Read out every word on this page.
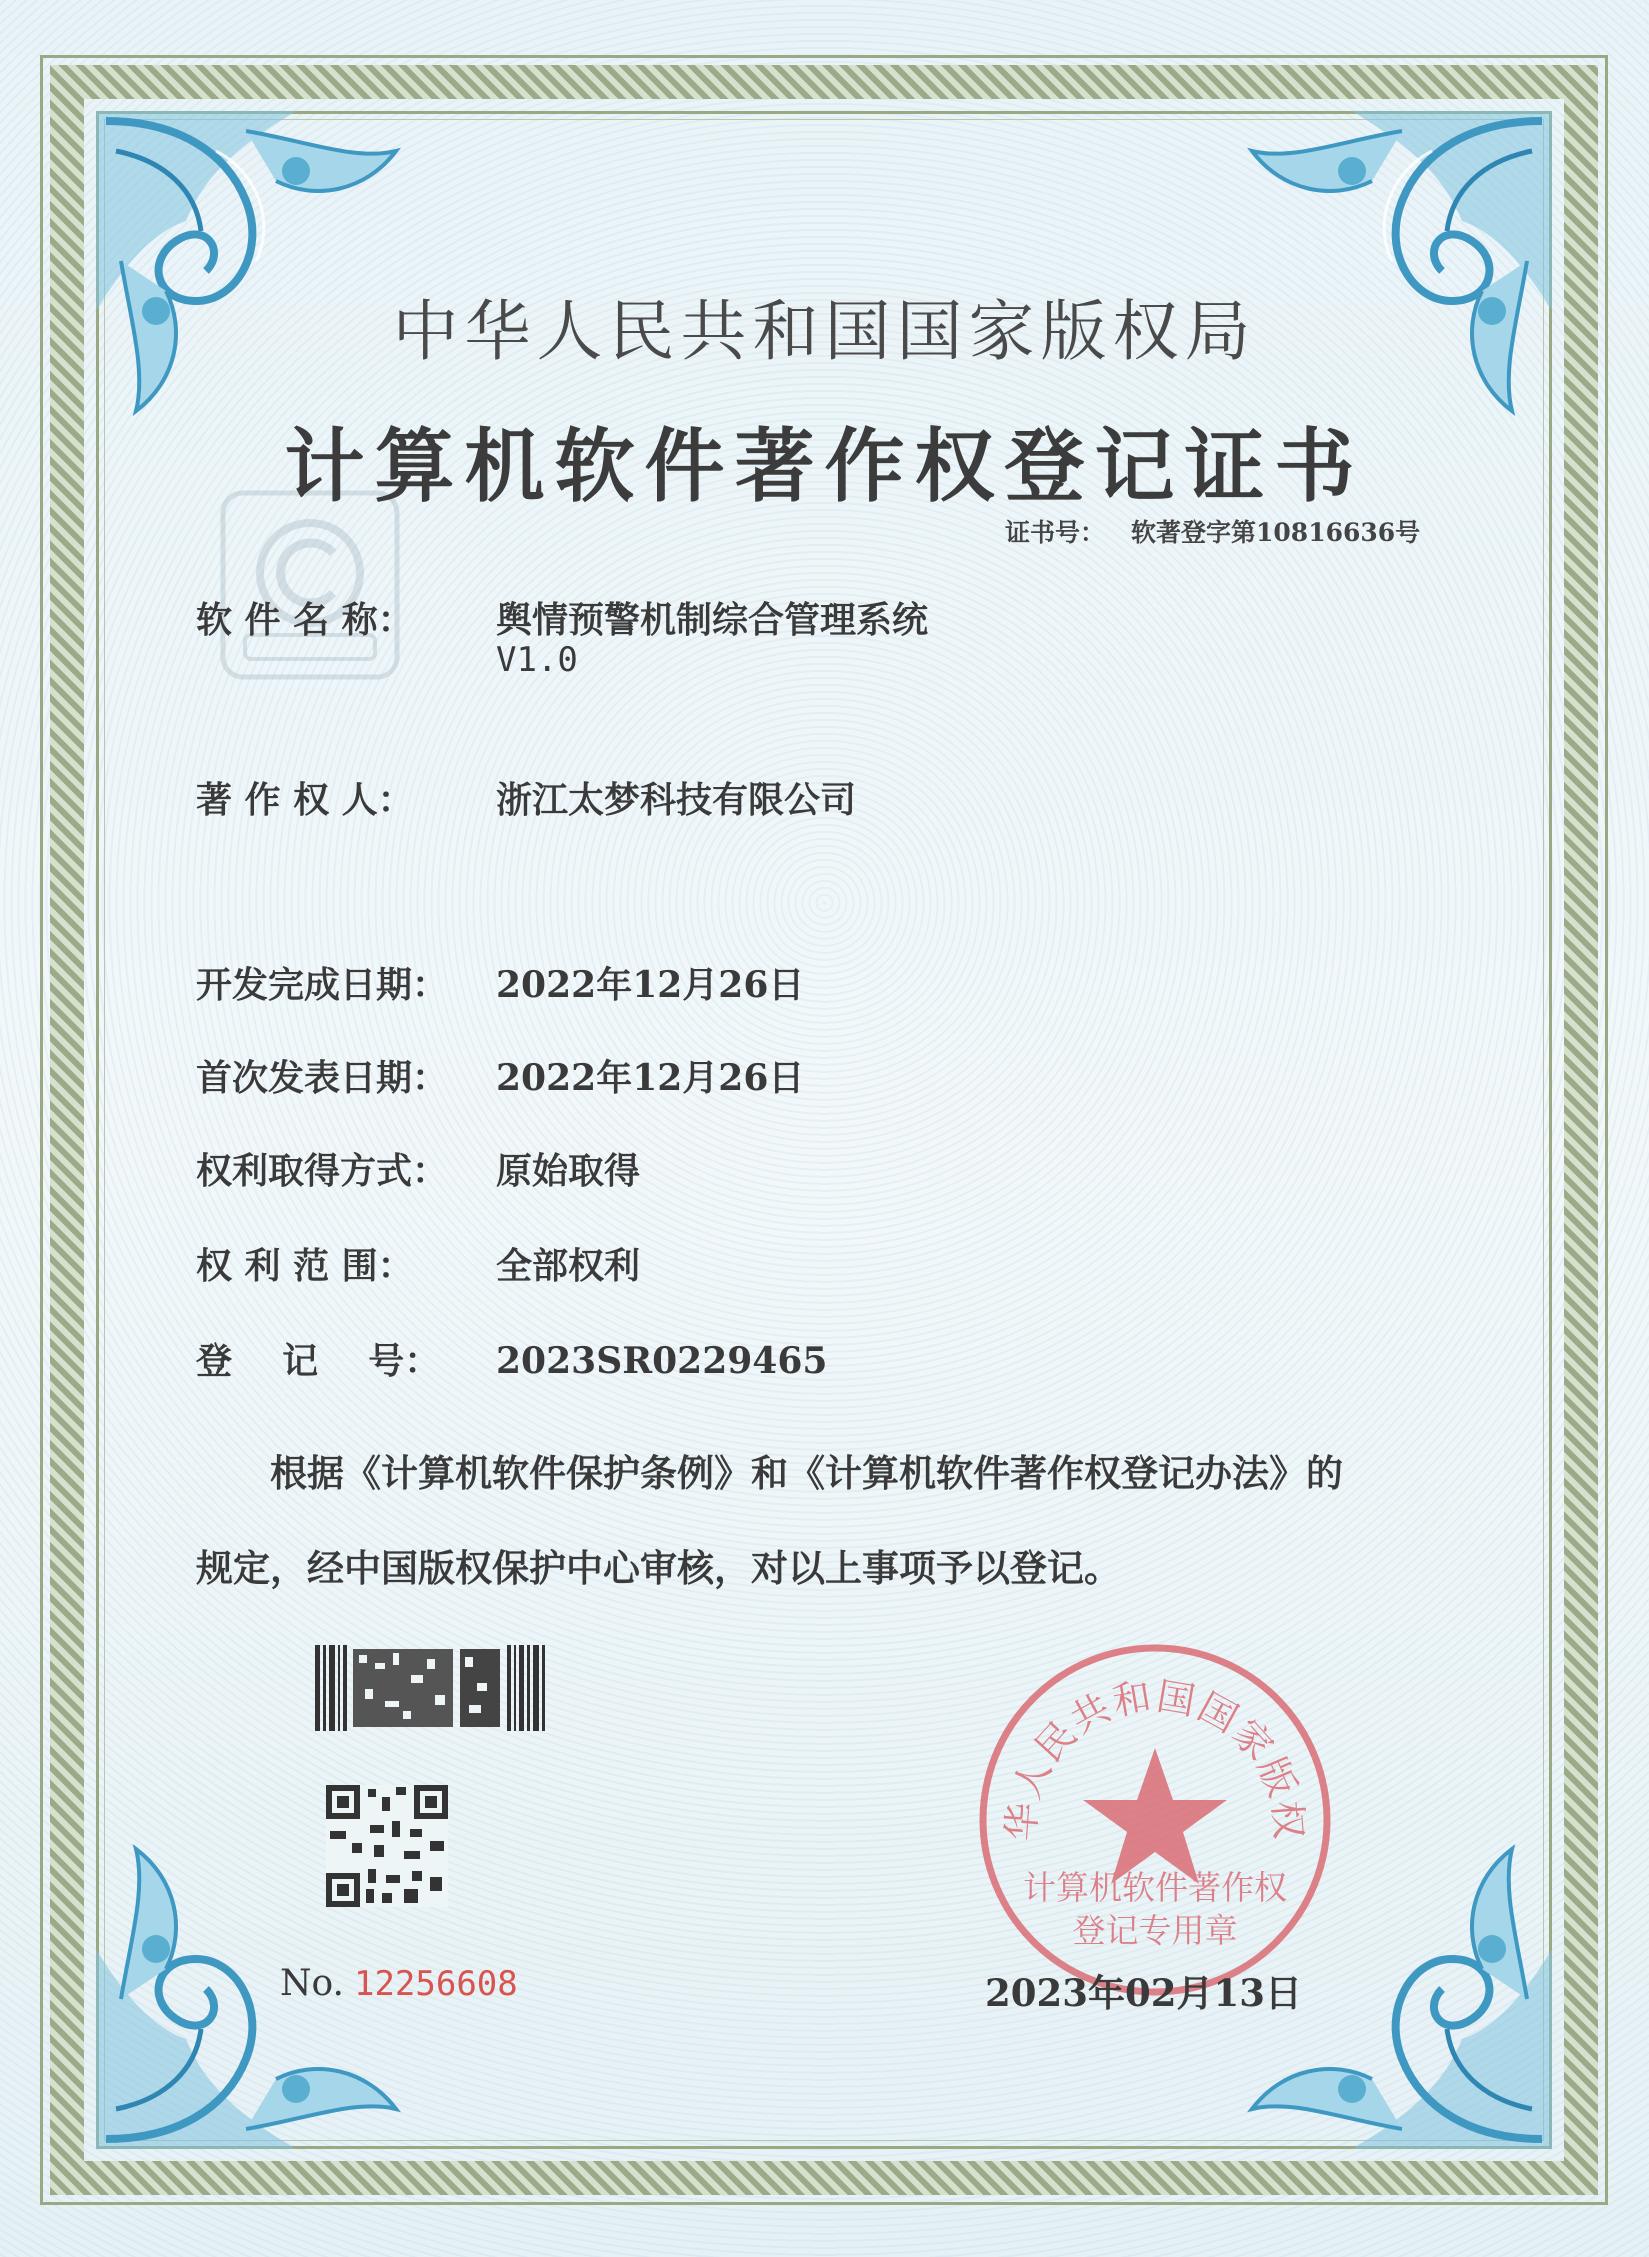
中华人民共和国国家版权局
计算机软件著作权登记证书
证书号： 软著登字第10816636号
软 件 名 称： 舆情预警机制综合管理系统
V1.0
著 作 权 人： 浙江太梦科技有限公司
开发完成日期： 2022年12月26日
首次发表日期： 2022年12月26日
权利取得方式： 原始取得
权 利 范 围： 全部权利
登    记    号： 2023SR0229465
根据《计算机软件保护条例》和《计算机软件著作权登记办法》的
规定，经中国版权保护中心审核，对以上事项予以登记。
No. 12256608
华人民共和国国家版权
计算机软件著作权
登记专用章
2023年02月13日
